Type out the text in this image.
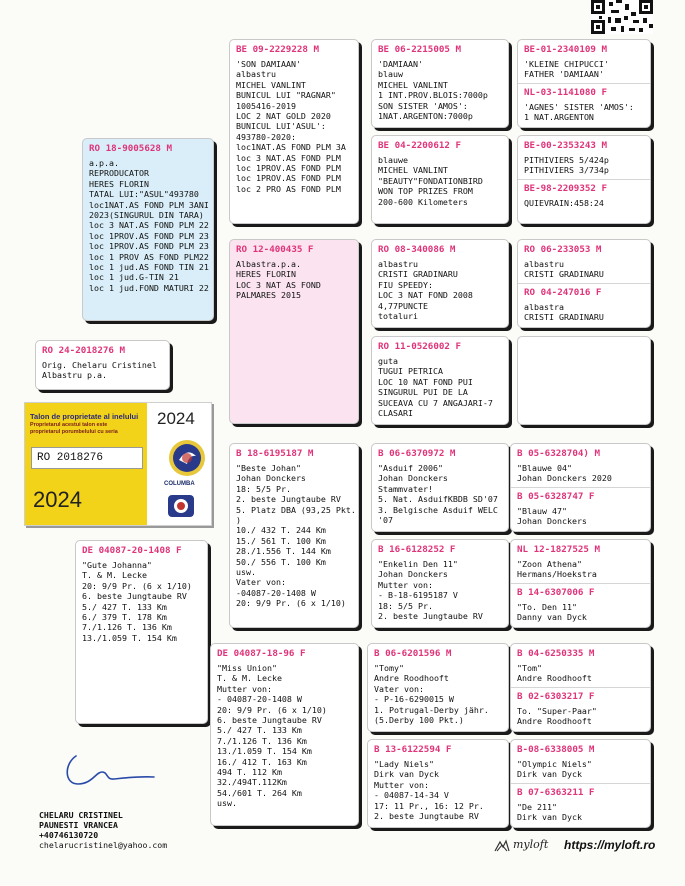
BE 09-2229228 M
'SON DAMIAAN'
albastru
MICHEL VANLINT
BUNICUL LUI "RAGNAR"
1005416-2019
LOC 2 NAT GOLD 2020
BUNICUL LUI'ASUL':
493780-2020:
loc1NAT.AS FOND PLM 3A
loc 3 NAT.AS FOND PLM
loc 1PROV.AS FOND PLM
loc 1PROV.AS FOND PLM
loc 2 PRO AS FOND PLM
BE 06-2215005 M
'DAMIAAN'
blauw
MICHEL VANLINT
1 INT.PROV.BLOIS:7000p
SON SISTER 'AMOS':
1NAT.ARGENTON:7000p
BE-01-2340109 M
'KLEINE CHIPUCCI'
FATHER 'DAMIAAN'
NL-03-1141080 F
'AGNES' SISTER 'AMOS':
1 NAT.ARGENTON
BE 04-2200612 F
blauwe
MICHEL VANLINT
"BEAUTY"FONDATIONBIRD
WON TOP PRIZES FROM
200-600 Kilometers
BE-00-2353243 M
PITHIVIERS 5/424p
PITHIVIERS 3/734p
BE-98-2209352 F
QUIEVRAIN:458:24
RO 18-9005628 M
a.p.a.
REPRODUCATOR
HERES FLORIN
TATAL LUI:"ASUL"493780
loc1NAT.AS FOND PLM 3ANI
2023(SINGURUL DIN TARA)
loc 3 NAT.AS FOND PLM 22
loc 1PROV.AS FOND PLM 23
loc 1PROV.AS FOND PLM 23
loc 1 PROV AS FOND PLM22
loc 1 jud.AS FOND TIN 21
loc 1 jud.G-TIN 21
loc 1 jud.FOND MATURI 22
RO 12-400435 F
Albastra.p.a.
HERES FLORIN
LOC 3 NAT AS FOND
PALMARES 2015
RO 08-340086 M
albastru
CRISTI GRADINARU
FIU SPEEDY:
LOC 3 NAT FOND 2008
4,77PUNCTE
totaluri
RO 06-233053 M
albastru
CRISTI GRADINARU
RO 04-247016 F
albastra
CRISTI GRADINARU
RO 11-0526002 F
guta
TUGUI PETRICA
LOC 10 NAT FOND PUI
SINGURUL PUI DE LA
SUCEAVA CU 7 ANGAJARI-7
CLASARI
RO 24-2018276 M
Orig. Chelaru Cristinel
Albastru p.a.
Talon de proprietate al inelului
Proprietarul acestui talon este
proprietarul porumbelului cu seria
RO 2018276
2024
2024
COLUMBA
B 18-6195187 M
"Beste Johan"
Johan Donckers
18: 5/5 Pr.
2. beste Jungtaube RV
5. Platz DBA (93,25 Pkt.
)
10./ 432 T. 244 Km
15./ 561 T. 100 Km
28./1.556 T. 144 Km
50./ 556 T. 100 Km
usw.
Vater von:
-04087-20-1408 W
20: 9/9 Pr. (6 x 1/10)
B 06-6370972 M
"Asduif 2006"
Johan Donckers
Stammvater!
5. Nat. AsduifKBDB SD'07
3. Belgische Asduif WELC
'07
B 05-6328704) M
"Blauwe 04"
Johan Donckers 2020
B 05-6328747 F
"Blauw 47"
Johan Donckers
B 16-6128252 F
"Enkelin Den 11"
Johan Donckers
Mutter von:
- B-18-6195187 V
18: 5/5 Pr.
2. beste Jungtaube RV
NL 12-1827525 M
"Zoon Athena"
Hermans/Hoekstra
B 14-6307006 F
"To. Den 11"
Danny van Dyck
DE 04087-20-1408 F
"Gute Johanna"
T. & M. Lecke
20: 9/9 Pr. (6 x 1/10)
6. beste Jungtaube RV
5./ 427 T. 133 Km
6./ 379 T. 178 Km
7./1.126 T. 136 Km
13./1.059 T. 154 Km
DE 04087-18-96 F
"Miss Union"
T. & M. Lecke
Mutter von:
- 04087-20-1408 W
20: 9/9 Pr. (6 x 1/10)
6. beste Jungtaube RV
5./ 427 T. 133 Km
7./1.126 T. 136 Km
13./1.059 T. 154 Km
16./ 412 T. 163 Km
494 T. 112 Km
32./494T.112Km
54./601 T. 264 Km
usw.
B 06-6201596 M
"Tomy"
Andre Roodhooft
Vater von:
- P-16-6290015 W
1. Potrugal-Derby jähr.
(5.Derby 100 Pkt.)
B 04-6250335 M
"Tom"
Andre Roodhooft
B 02-6303217 F
To. "Super-Paar"
Andre Roodhooft
B 13-6122594 F
"Lady Niels"
Dirk van Dyck
Mutter von:
- 04087-14-34 V
17: 11 Pr., 16: 12 Pr.
2. beste Jungtaube RV
B-08-6338005 M
"Olympic Niels"
Dirk van Dyck
B 07-6363211 F
"De 211"
Dirk van Dyck
CHELARU CRISTINEL
PAUNESTI VRANCEA
+40746130720
chelarucristinel@yahoo.com	myloft https://myloft.ro
